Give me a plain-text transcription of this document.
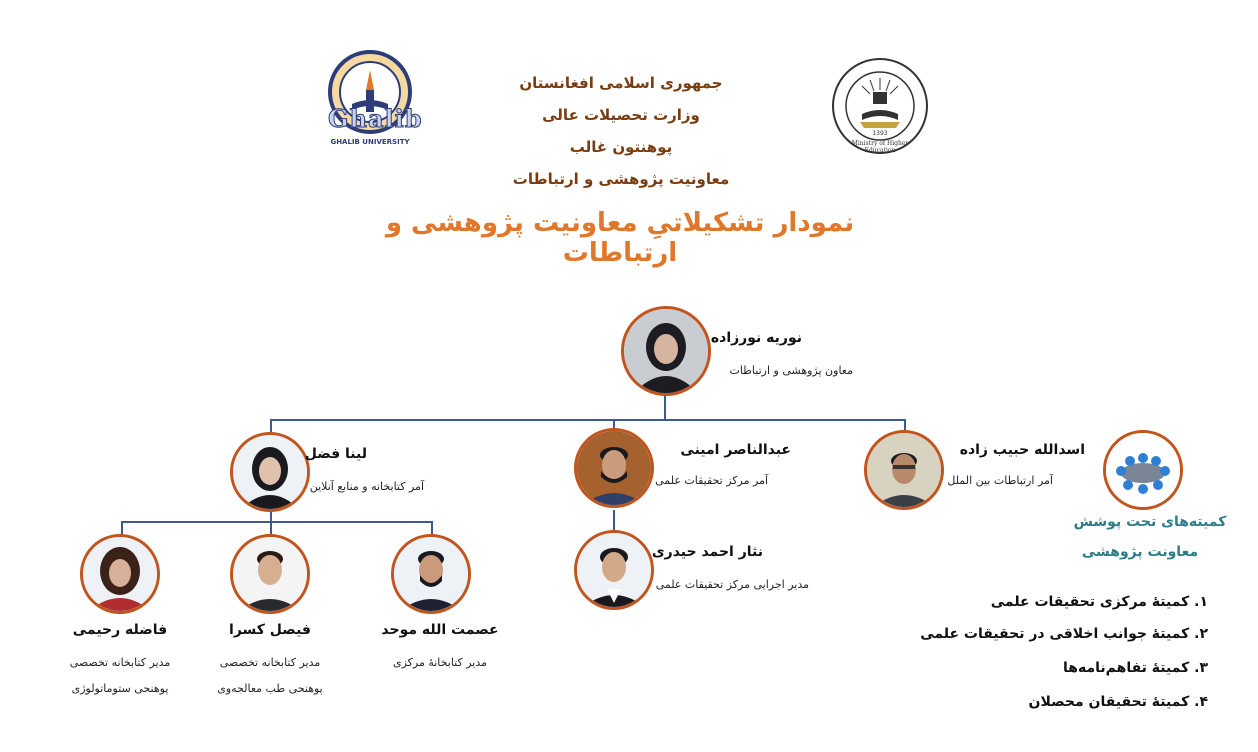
Ghalib
GHALIB UNIVERSITY
1393
Ministry of Higher Education
جمهوری اسلامی افغانستان
وزارت تحصیلات عالی
پوهنتون غالب
معاونیت پژوهشی و ارتباطات
نمودار تشکیلاتیِ معاونیت پژوهشی و ارتباطات
نوریه نورزاده
معاون پژوهشی و ارتباطات
لینا فضل
آمر کتابخانه و منابع آنلاین
عبدالناصر امینی
آمر مرکز تحقیقات علمی
اسدالله حبیب زاده
آمر ارتباطات بین الملل
کمیته‌های تحت پوشش
معاونت پژوهشی
نثار احمد حیدری
مدیر اجرایی مرکز تحقیقات علمی
فاضله رحیمی
مدیر کتابخانه تخصصی
پوهنحی ستوماتولوژی
فیصل کسرا
مدیر کتابخانه تخصصی
پوهنحی طب معالجه‌وی
عصمت الله موحد
مدیر کتابخانهٔ مرکزی
۱. کمیتهٔ مرکزی تحقیقات علمی
۲. کمیتهٔ جوانب اخلاقی در تحقیقات علمی
۳. کمیتهٔ تفاهم‌نامه‌ها
۴. کمیتهٔ تحقیقان محصلان
